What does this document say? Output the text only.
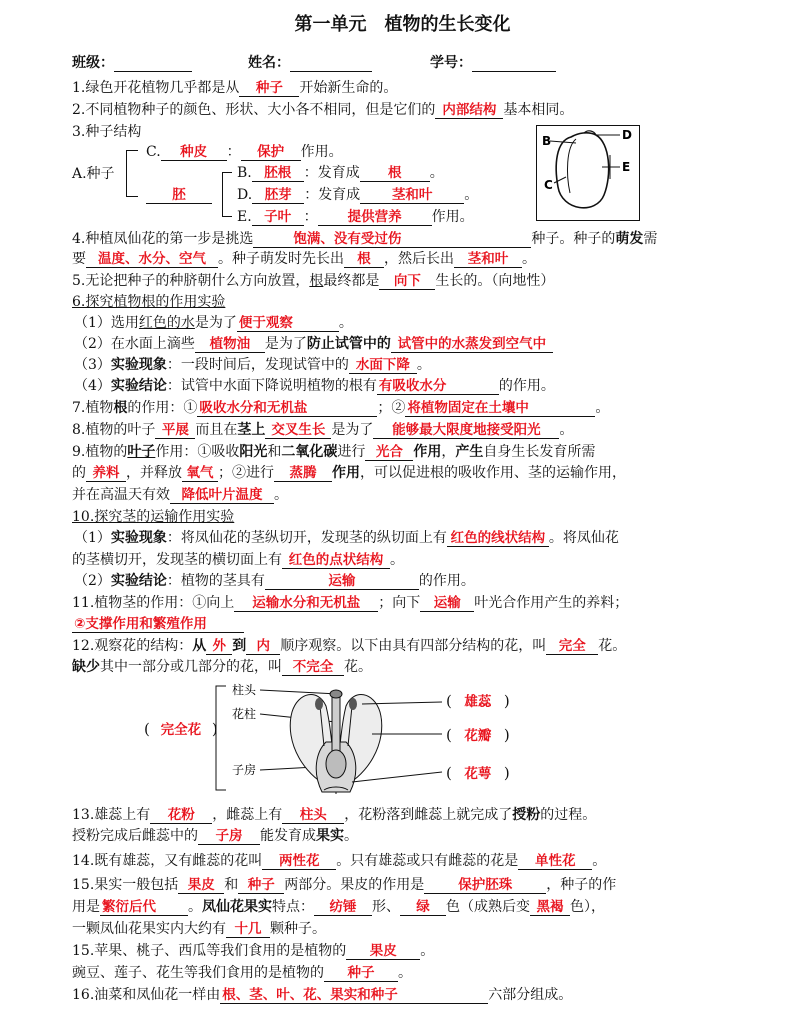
第一单元　植物的生长变化
班级：	姓名：	学号：
1.绿色开花植物几乎都是从 种子 开始新生命的。
2.不同植物种子的颜色、形状、大小各不相同，但是它们的 内部结构 基本相同。
3.种子结构
A.种子
C. 种皮 ： 保护 作用。
胚
B. 胚根 ：发育成 根 。
D. 胚芽 ：发育成 茎和叶 。
E. 子叶 ： 提供营养 作用。
B	D
E
C
4.种植凤仙花的第一步是挑选	饱满、没有受过伤	种子。种子的萌发需
要 温度、水分、空气 。种子萌发时先长出 根 ，然后长出 茎和叶 。
5.无论把种子的种脐朝什么方向放置，根最终都是 向下 生长的。（向地性）
6.探究植物根的作用实验
（1）选用红色的水是为了 便于观察	。
（2）在水面上滴些 植物油 是为了防止试管中的 试管中的水蒸发到空气中
（3）实验现象：一段时间后，发现试管中的 水面下降 。
（4）实验结论：试管中水面下降说明植物的根有 有吸收水分	的作用。
7.植物根的作用：① 吸收水分和无机盐	；② 将植物固定在土壤中	。
8.植物的叶子 平展 而且在茎上 交叉生长 是为了 能够最大限度地接受阳光 。
9.植物的叶子作用：①吸收阳光和二氧化碳进行 光合 作用，产生自身生长发育所需
的 养料 ，并释放 氧气 ；②进行 蒸腾 作用，可以促进根的吸收作用、茎的运输作用，
并在高温天有效 降低叶片温度 。
10.探究茎的运输作用实验
（1）实验现象：将凤仙花的茎纵切开，发现茎的纵切面上有 红色的线状结构 。将凤仙花
的茎横切开，发现茎的横切面上有 红色的点状结构 。
（2）实验结论：植物的茎具有	运输	的作用。
11.植物茎的作用：①向上 运输水分和无机盐 ；向下 运输 叶光合作用产生的养料；
②支撑作用和繁殖作用
12.观察花的结构：从 外 到 内 顺序观察。以下由具有四部分结构的花，叫 完全 花。
缺少其中一部分或几部分的花，叫 不完全 花。
( 完全花 )
柱头
花柱
子房
( 雄蕊 )
( 花瓣 )
( 花萼 )
13.雄蕊上有 花粉 ，雌蕊上有 柱头 ，花粉落到雌蕊上就完成了授粉的过程。
授粉完成后雌蕊中的 子房 能发育成果实。
14.既有雄蕊，又有雌蕊的花叫 两性花 。只有雄蕊或只有雌蕊的花是 单性花 。
15.果实一般包括 果皮 和 种子 两部分。果皮的作用是	保护胚珠 ，种子的作
用是 繁衍后代 。凤仙花果实特点： 纺锤 形、 绿 色（成熟后变 黑褐 色），
一颗凤仙花果实内大约有 十几 颗种子。
15.苹果、桃子、西瓜等我们食用的是植物的 果皮 。
豌豆、莲子、花生等我们食用的是植物的 种子 。
16.油菜和凤仙花一样由 根、茎、叶、花、果实和种子	六部分组成。
